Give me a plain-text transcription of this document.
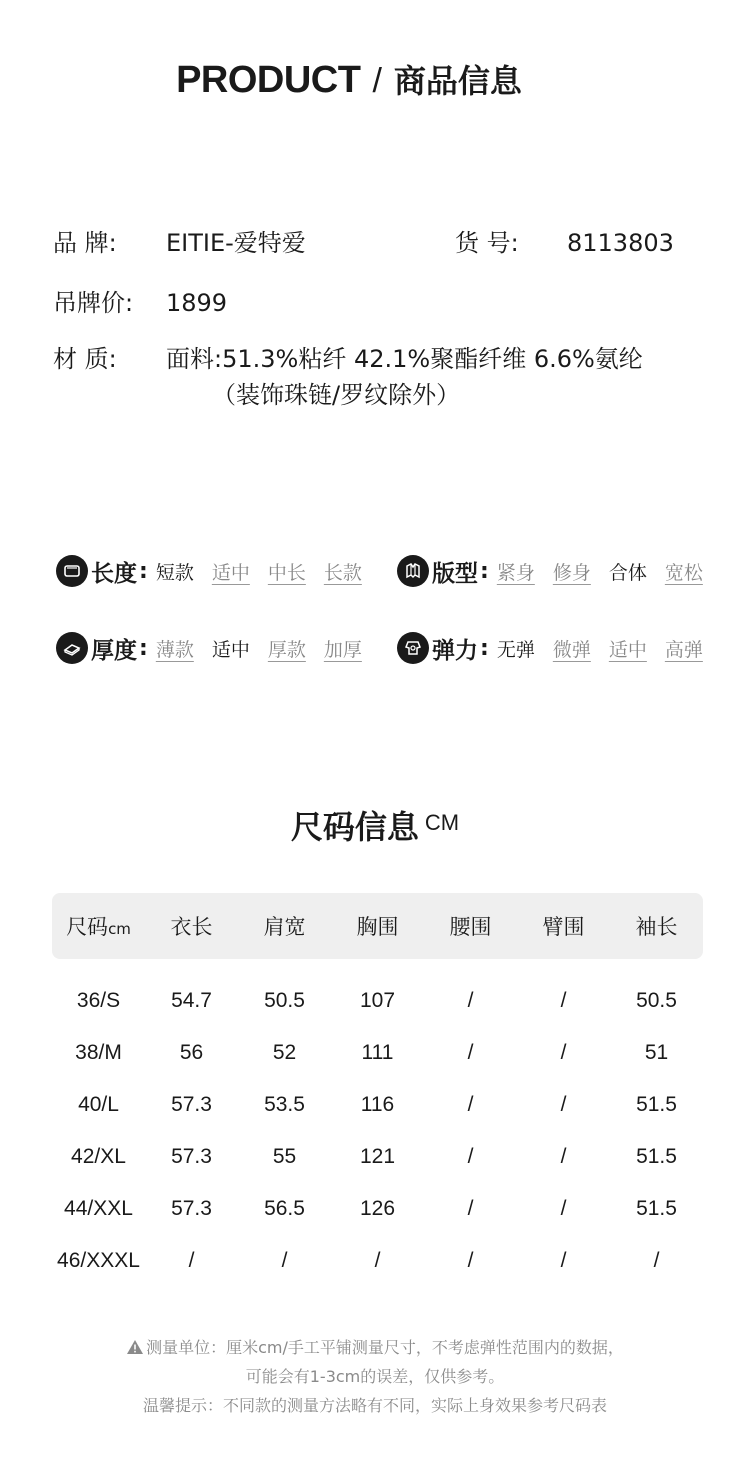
PRODUCT / 商品信息
品 牌: EITIE-爱特爱	货 号: 8113803
吊牌价: 1899
材 质: 面料:51.3%粘纤 42.1%聚酯纤维 6.6%氨纶
（装饰珠链/罗纹除外）
长度 : 短款 适中 中长 长款	版型 : 紧身 修身 合体 宽松
厚度 : 薄款 适中 厚款 加厚	弹力 : 无弹 微弹 适中 高弹
尺码信息 CM
尺码cm	衣长	肩宽	胸围	腰围	臂围	袖长
36/S	54.7	50.5	107	/	/	50.5
38/M	56	52	111	/	/	51
40/L	57.3	53.5	116	/	/	51.5
42/XL	57.3	55	121	/	/	51.5
44/XXL	57.3	56.5	126	/	/	51.5
46/XXXL	/	/	/	/	/	/
测量单位：厘米cm/手工平铺测量尺寸，不考虑弹性范围内的数据，
可能会有1-3cm的误差，仅供参考。
温馨提示：不同款的测量方法略有不同，实际上身效果参考尺码表
